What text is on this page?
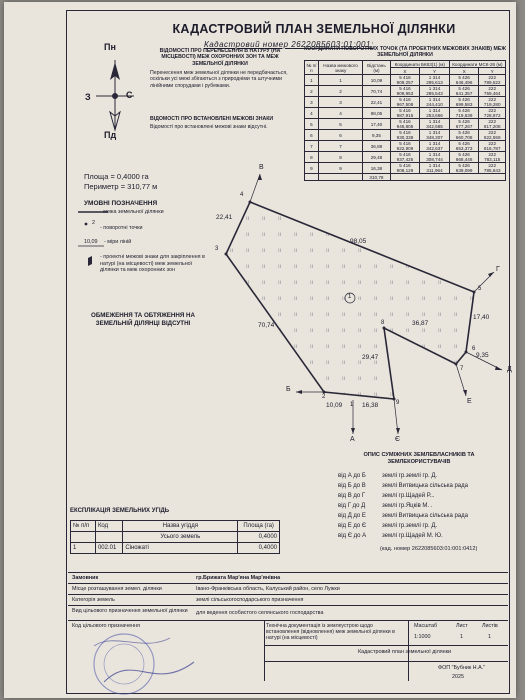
КАДАСТРОВИЙ ПЛАН ЗЕМЕЛЬНОЇ ДІЛЯНКИ
Кадастровий номер 2622085603:01:001:
Пн
Пд
З	С
ВІДОМОСТІ ПРО ПЕРЕНЕСЕННЯ В НАТУРУ (НА МІСЦЕВОСТІ) МЕЖ ОХОРОННИХ ЗОН ТА МЕЖ ЗЕМЕЛЬНОЇ ДІЛЯНКИ
Перенесення меж земельної ділянки не передбачається, оскільки усі межі збігаються з природніми та штучними лінійними спорудами і рубежами.
ВІДОМОСТІ ПРО ВСТАНОВЛЕНІ МЕЖОВІ ЗНАКИ
Відомості про встановлені межові знаки відсутні.
КООРДИНАТИ ПОВОРОТНИХ ТОЧОК (ТА ПРОЕКТНИХ МЕЖОВИХ ЗНАКІВ) МЕЖ ЗЕМЕЛЬНОЇ ДІЛЯНКИ
№ п/п	Назва межового знаку	Відстань (м)	Координати БК63(1) (м)		Координати МСК-26 (м)	
			X	Y	X	Y
1	1	10,09	5 416 909,257	1 314 295,613	5 426 646,496	222 789,522
2	2	70,74	5 416 909,953	1 314 285,543	5 426 641,357	222 759,464
3	3	22,41	5 416 967,508	1 314 244,410	5 426 699,583	222 719,280
4	4	98,05	5 416 987,915	1 314 253,666	5 426 719,639	222 728,872
5	5	17,40	5 416 946,805	1 314 342,685	5 426 677,267	222 817,208
6	6	9,35	5 416 930,338	1 314 348,307	5 426 660,708	222 822,559
7	7	36,88	5 416 922,909	1 314 342,637	5 426 653,373	222 816,787
8	8	29,48	5 416 937,425	1 314 308,744	5 426 668,446	222 783,115
9	9	16,38	5 416 908,129	1 314 311,964	5 426 639,099	222 785,843
		310,78				
Площа = 0,4000 га
Периметр = 310,77 м
УМОВНІ ПОЗНАЧЕННЯ
- межа земельної ділянки
2
- поворотні точки
10,09 - міри ліній
- проектні межові знаки для закріплення в натурі (на місцевості) меж земельної ділянки та меж охоронних зон
ОБМЕЖЕННЯ ТА ОБТЯЖЕННЯ НА ЗЕМЕЛЬНІЙ ДІЛЯНЦІ ВІДСУТНІ
1
1
2
3
4
5
6
7
8
9
22,41
98,05
70,74
17,40
29,47
36,87
9,35
10,09	16,38
В
Г
Д
Е
Є
А
Б
ОПИС СУМІЖНИХ ЗЕМЛЕВЛАСНИКІВ ТА ЗЕМЛЕКОРИСТУВАЧІВ
від А до Б	землі гр.землі гр. Д.
від Б до В	землі Витвицька сільська рада
від В до Г	землі гр.Щадей Р...
від Г до Д	землі гр.Яцків М. .
від Д до Е	землі Витвицька сільська рада
від Е до Є	землі гр.землі гр. Д.
від Є до А	землі гр.Щадей М. Ю.
(кад. номер 2622085603:01:001:0412)
ЕКСПЛІКАЦІЯ ЗЕМЕЛЬНИХ УГІДЬ
№ п/п	Код	Назва угіддя	Площа (га)
		Усього земель	0,4000
1	002.01	Сіножаті	0,4000
Замовник	гр.Брижата Мар'яна Мар'янівна
Місце розташування земел. ділянки	Івано-Франківська область, Калуський район, село Лужки
Категорія земель	землі сільськогосподарського призначення
Вид цільового призначення земельної ділянки	для ведення особистого селянського господарства
Код цільового призначення	Технічна документація із землеустрою щодо встановлення (відновлення) меж земельної ділянки в натурі (на місцевості)
Масштаб	Лист	Листів
1:1000	1	1
Кадастровий план земельної ділянки
ФОП "Бубник Н.А."
2025
